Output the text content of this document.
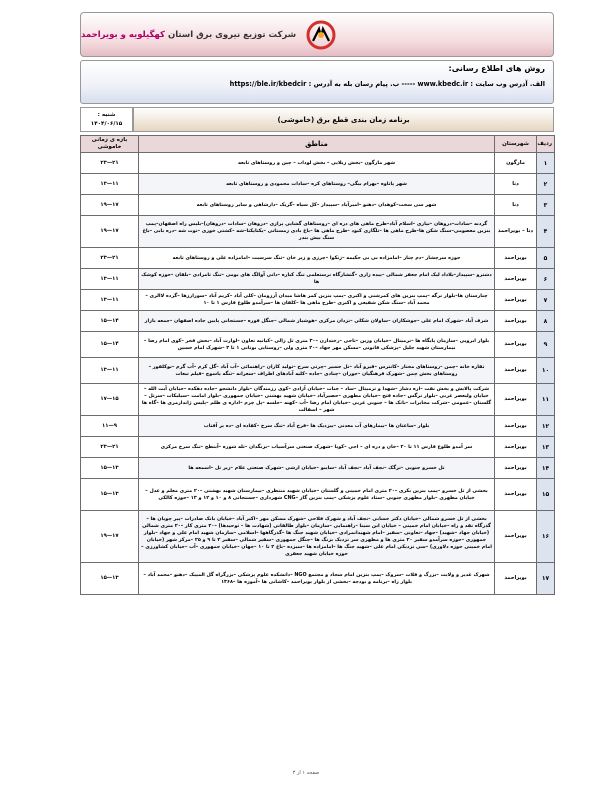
شرکت توزیع نیروی برق استان کهگیلویه و بویراحمد
روش های اطلاع رسانی:
الف. آدرس وب سایت : www.kbedc.ir ----- ب. پیام رسان بله به آدرس : https://ble.ir/kbedcir
برنامه زمان بندی قطع برق (خاموشی)
شنبه :
۱۴۰۴/۰۶/۱۵
ردیف	شهرستان	مناطق	بازه ی زمانی خاموشی
۱	مارگون	شهر مارگون –بخش زیلایی – بخش لوداب – چین و روستاهای تابعه	۲۱—۲۳
۲	دنا	شهر پاتاوه –بهرام بیگی– روستاهای کره –سادات محمودی و روستاهای تابعه	۱۱—۱۳
۳	دنا	شهر سی سخت–کوهدان –دهنو –امیرآباد –سپیدار –کل سیاه –گریک –دارشاهی و سایر روستاهای تابعه	۱۷—۱۹
۴	دنا – بویراحمد	گردنه –سادات–دروهان –تیاری –اسلام آباد–طرح ماهی های دره ای –روستاهای گشایی پرازی –دروهان –سادات –دروهان)–بلیس راه اصفهان–پمپ بنزین معصومی–سنگ شکن ها–طرح ماهی ها –تلگاری کبود –طرح ماهی ها –باغ بادی زمستانی –یکتایکتا–شه –کشتی خوری –توت شه –دره بابی –باغ سنگ بیش بندر	۱۷—۱۹
۵	بویراحمد	حوزه سرچشار –دم چنار –امامزاده بی بی حکیمه –زنکوا –چرزی و زیر خان –تنگ سرسبت –امامزاده علی و روستاهای تابعه	۲۱—۲۳
۶	بویراحمد	دشترو –سپیدار–بلاداد لیک امام جعفر شمالی –بیده زاری –گنشارگاه نرستعلمی تنگ کباره –دانی آوالگ های بومی –تنگ تامرادی –بلقان –حوزه کوشک ها	۱۱—۱۳
۷	بویراحمد	چنارستان ها–بلوار نرگه –پمپ بنزین های کمرشنی و اکبری –پمپ بنزین کمر هاشا میدان آرزومان –کلی آباد –کریم آباد –سورارزها –گرده لاالری –محمد آباد –سنگ شکن شفیعی و اکبری –طرح ماهی ها –کلقان ها –سرآمدو طلوع فارس ۱ تا ۱۰	۱۱—۱۳
۸	بویراحمد	شرف آباد –شهرک امام علی –جوشکاران –ساولان شکلی –نزدان مرکزی –هوشیار شمالی –جنگل فوره –جستجانی پایین جاده اصفهان –جمعه بازار	۱۴—۱۵
۹	بویراحمد	بلوار ابرویی –سازمان پایگاه ها –ترمینال –خیابان وزین –تاجی –رختدارن –۳۰ متری تل زالی –کیانپه تعاون –لوارث آباد –بخش فخر –کوی امام رضا –بیمارستان شهید جلیل –پزشکی قانونی –مسکن مهر جهاد –۲۰ متری ولی –روستایی بوتانی ۱ تا ۴ –شهرک امام حسین	۱۴—۱۵
۱۰	بویراحمد	تقاره خانه –چمن –روستاهای مختار –کانترس –قیرو آباد –تل خسیر –چرتی سرخ –تولید کاران –راهنمائی –آب آباد –گل کرم –آب گرم –نوکلفور –روستاهای بخش چمن –شهرک فرهنگیان –جوران –چنادی –جاده –کلیه آبادهای اطراف –سعرانه –تنگه یاسوج –فیلم تبعات	۱۱—۱۳
۱۱	بویراحمد	شرکت پالایش و بخش نفت –اره دشار –شهدا و ترمینال –ساد – جنات –خیابان آزادی –کوی رزمندگان –بلوار دانشجو –جاده دهکده –خیابان آیت الله –خیابان ولیعصر غربی –بلوار نرگس –جاده فتح –خیابان مطهری –حصیرآباد –خیابان شهید بهشتی –خیابان جمهوری –بلوار امامت –سیلیکات –سرتل –گلستان –عمومی –شرکت مخابرات –بانک ها – جنوبی غربی –خیابان امام رضا –آب –کهنه –جلسه –پل چرم –اداره ی ظلم –پلیس ژاندارمری ها –گاه ها شهر – اسفالت	۱۵—۱۷
۱۲	بویراحمد	بلوار –ساعتان ها –بیمارهای آب معدنی –بیزدیک ها –فرخ آباد –تنگ سرخ –کفاده ای –ده بر آفتاب	۹—۱۱
۱۳	بویراحمد	سر آمدو طلوع فارس ۱۱ تا ۲۰ –خان و دره ای – اجی –کوپا –شهرک صنعتی سرآسیاب –بزنگدان –تله شوره –آبنطح –تنگ سرخ مرکزی	۲۱—۲۳
۱۴	بویراحمد	تل خسرو جنوبی –ترگک –نجف آباد –نجف آباد –سایبو –خیابان ارشی –شهرک صنعتی علام –زیر تل –اسمعه ها	۱۳—۱۵
۱۵	بویراحمد	بخشی از تل خسرو –پمپ بنزین بکری –۲۰ متری امام خمینی و گلستان –خیابان شهید منتظری –بیمارستان شهید بهشتی –۲۰ متری معلم و عدل –خیابان مطهری –بلوار مطهری جنوبی –ستاد علوم پزشکی –پمپ بنزین گاز –CNG شهرداری –جستجانی ۸ و ۱۰ و ۱۲ و ۱۳ –حوزه کالکی	۱۳—۱۵
۱۶	بویراحمد	بخشی از تل خسرو شمالی –خیابان دکتر حسابی –نجف آباد و شهرک فلاحی –شهرک مسکن مهر –اکبر آباد –خیابان بانک صادرات –پیر چوپان ها –گذرگاه نقد و راه –خیابان امام خمینی – خیابان ابن سینا –راهنمایی –سازمان –بلوار طالقانی (شهادت ها – توحیدها) –۲۰ متری کار –۲۰ متری شمالی (خیابان جهاد –شهید) –جهاد –تعاونی –سفیر –امام شهیدانمرادی –خیابان شهید جنگ ها –گذرگاهها –اسلامی –سازمان شهید امام علی و جهاد –بلوار جمهوری –حوزه سرآمدو سفیر ۲۰ متری ها و مطهری سر نزدیک بزنگ ها –جنگل جمهوری –سفیر شمالی –سفیر ۲ تا ۹ و ۲۵ –مرکز شهر (خیابان امام خمینی حوزه دلاوری) –سی نزدیکی امام علی –شهید جنگ ها –امامزاده ها –سیزده –باغ ۲ تا ۱۰ –جهان –خیابان جمهوری –آب –خیابان کشاورزی –حوزه خیابان شهید جعفری	۱۷—۱۹
۱۷	بویراحمد	شهرک غدیر و ولایت –بزرگ و فلات –سروک –پمپ بنزین امام سجاد و مجتمع NGO –دانشکده علوم پزشکی –بزرگراه گل المپیک –دهنو –محمد آباد –بلوار راه –برنامه و بودجه –بخشی از بلوار بویراحمد –کاشانی ها –آموزه ها –۱۳۶۸	۱۳—۱۵
صفحه ۱ از ۳
